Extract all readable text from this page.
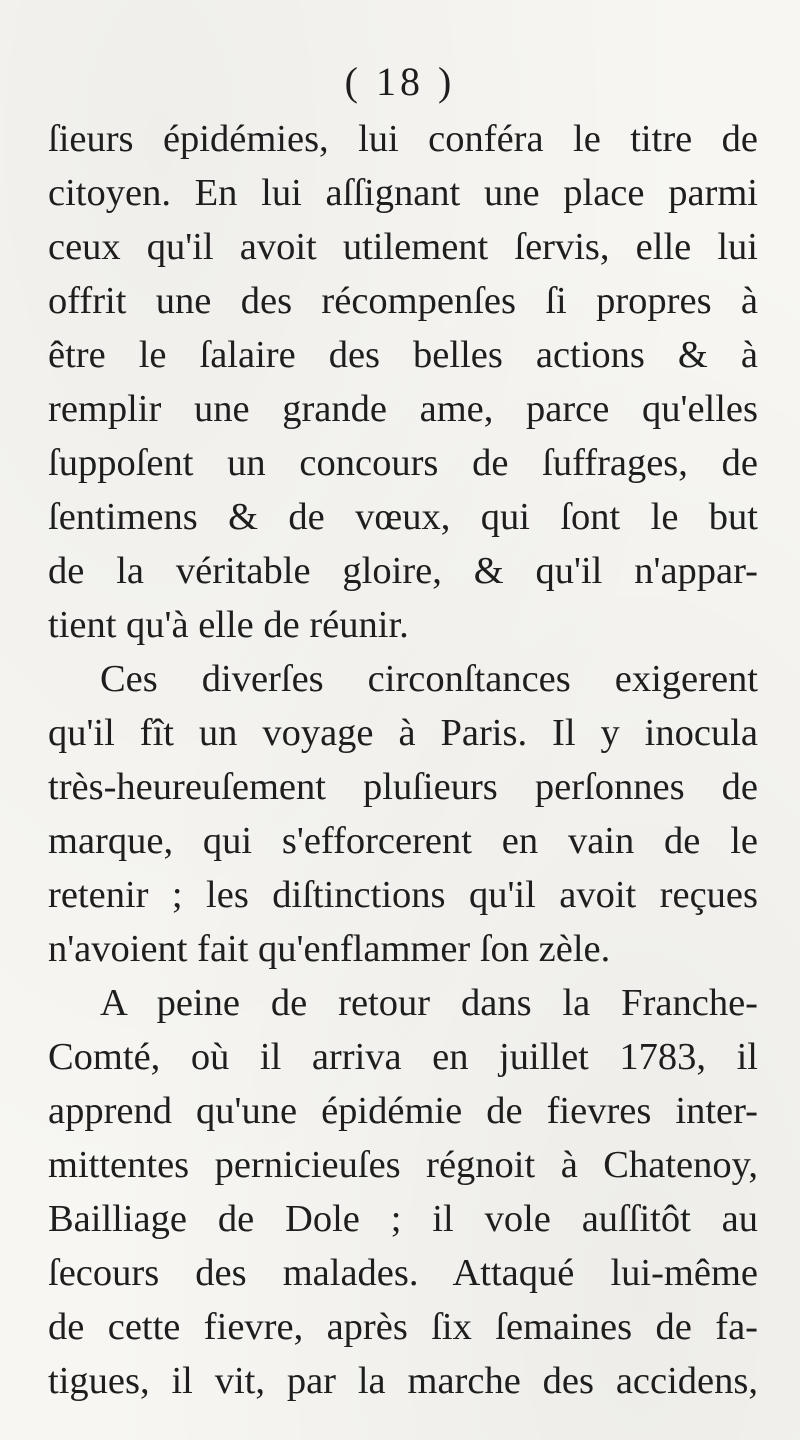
( 18 )
ſieurs épidémies, lui conféra le titre de
citoyen. En lui aſſignant une place parmi
ceux qu'il avoit utilement ſervis, elle lui
offrit une des récompenſes ſi propres à
être le ſalaire des belles actions & à
remplir une grande ame, parce qu'elles
ſuppoſent un concours de ſuffrages, de
ſentimens & de vœux, qui ſont le but
de la véritable gloire, & qu'il n'appar-
tient qu'à elle de réunir.
Ces diverſes circonſtances exigerent
qu'il fît un voyage à Paris. Il y inocula
très-heureuſement pluſieurs perſonnes de
marque, qui s'efforcerent en vain de le
retenir ; les diſtinctions qu'il avoit reçues
n'avoient fait qu'enflammer ſon zèle.
A peine de retour dans la Franche-
Comté, où il arriva en juillet 1783, il
apprend qu'une épidémie de fievres inter-
mittentes pernicieuſes régnoit à Chatenoy,
Bailliage de Dole ; il vole auſſitôt au
ſecours des malades. Attaqué lui-même
de cette fievre, après ſix ſemaines de fa-
tigues, il vit, par la marche des accidens,
